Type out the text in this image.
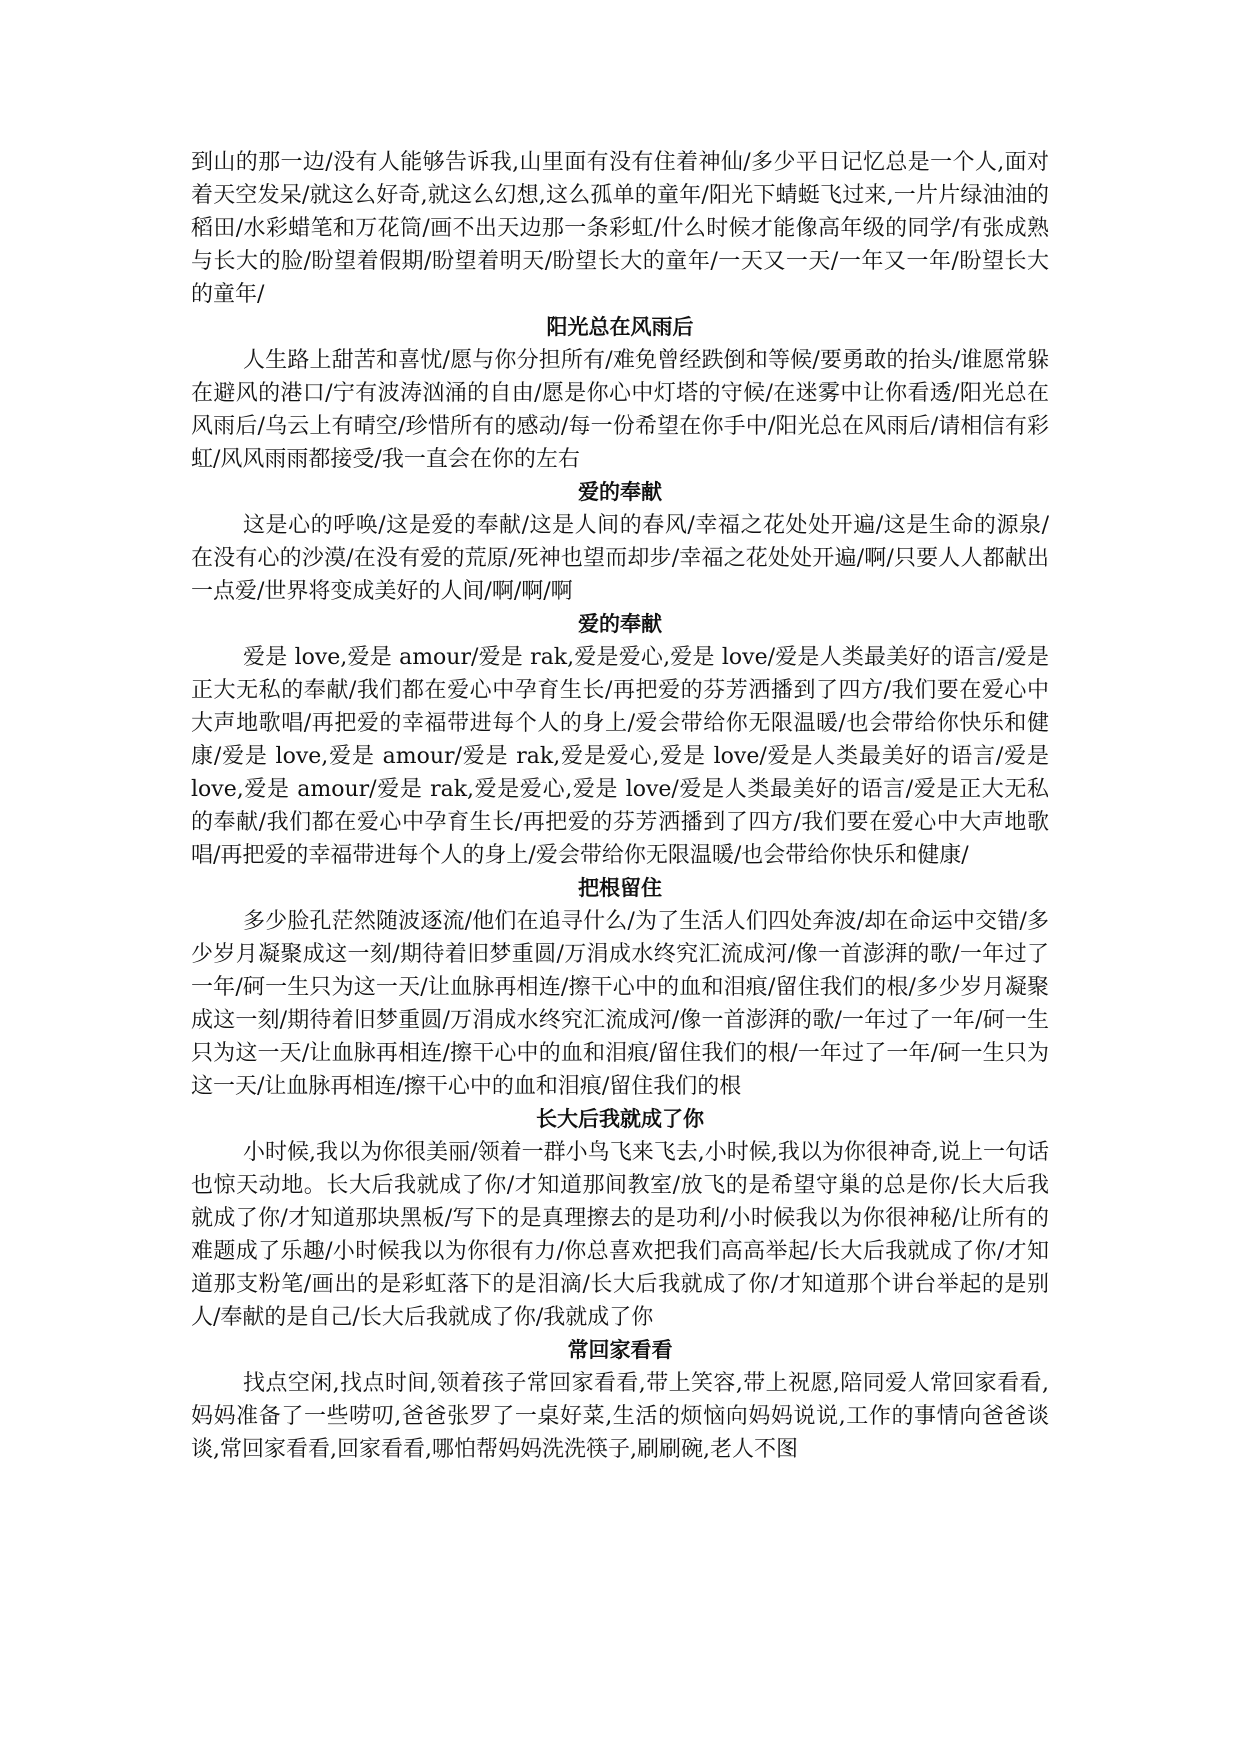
到山的那一边/没有人能够告诉我,山里面有没有住着神仙/多少平日记忆总是一个人,面对着天空发呆/就这么好奇,就这么幻想,这么孤单的童年/阳光下蜻蜓飞过来,一片片绿油油的稻田/水彩蜡笔和万花筒/画不出天边那一条彩虹/什么时候才能像高年级的同学/有张成熟与长大的脸/盼望着假期/盼望着明天/盼望长大的童年/一天又一天/一年又一年/盼望长大的童年/

阳光总在风雨后

人生路上甜苦和喜忧/愿与你分担所有/难免曾经跌倒和等候/要勇敢的抬头/谁愿常躲在避风的港口/宁有波涛汹涌的自由/愿是你心中灯塔的守候/在迷雾中让你看透/阳光总在风雨后/乌云上有晴空/珍惜所有的感动/每一份希望在你手中/阳光总在风雨后/请相信有彩虹/风风雨雨都接受/我一直会在你的左右

爱的奉献

这是心的呼唤/这是爱的奉献/这是人间的春风/幸福之花处处开遍/这是生命的源泉/在没有心的沙漠/在没有爱的荒原/死神也望而却步/幸福之花处处开遍/啊/只要人人都献出一点爱/世界将变成美好的人间/啊/啊/啊

爱的奉献

爱是 love,爱是 amour/爱是 rak,爱是爱心,爱是 love/爱是人类最美好的语言/爱是正大无私的奉献/我们都在爱心中孕育生长/再把爱的芬芳洒播到了四方/我们要在爱心中大声地歌唱/再把爱的幸福带进每个人的身上/爱会带给你无限温暖/也会带给你快乐和健康/爱是 love,爱是 amour/爱是 rak,爱是爱心,爱是 love/爱是人类最美好的语言/爱是 love,爱是 amour/爱是 rak,爱是爱心,爱是 love/爱是人类最美好的语言/爱是正大无私的奉献/我们都在爱心中孕育生长/再把爱的芬芳洒播到了四方/我们要在爱心中大声地歌唱/再把爱的幸福带进每个人的身上/爱会带给你无限温暖/也会带给你快乐和健康/

把根留住

多少脸孔茫然随波逐流/他们在追寻什么/为了生活人们四处奔波/却在命运中交错/多少岁月凝聚成这一刻/期待着旧梦重圆/万涓成水终究汇流成河/像一首澎湃的歌/一年过了一年/砢一生只为这一天/让血脉再相连/擦干心中的血和泪痕/留住我们的根/多少岁月凝聚成这一刻/期待着旧梦重圆/万涓成水终究汇流成河/像一首澎湃的歌/一年过了一年/砢一生只为这一天/让血脉再相连/擦干心中的血和泪痕/留住我们的根/一年过了一年/砢一生只为这一天/让血脉再相连/擦干心中的血和泪痕/留住我们的根

长大后我就成了你

小时候,我以为你很美丽/领着一群小鸟飞来飞去,小时候,我以为你很神奇,说上一句话也惊天动地。长大后我就成了你/才知道那间教室/放飞的是希望守巢的总是你/长大后我就成了你/才知道那块黑板/写下的是真理擦去的是功利/小时候我以为你很神秘/让所有的难题成了乐趣/小时候我以为你很有力/你总喜欢把我们高高举起/长大后我就成了你/才知道那支粉笔/画出的是彩虹落下的是泪滴/长大后我就成了你/才知道那个讲台举起的是别人/奉献的是自己/长大后我就成了你/我就成了你

常回家看看

找点空闲,找点时间,领着孩子常回家看看,带上笑容,带上祝愿,陪同爱人常回家看看,妈妈准备了一些唠叨,爸爸张罗了一桌好菜,生活的烦恼向妈妈说说,工作的事情向爸爸谈谈,常回家看看,回家看看,哪怕帮妈妈洗洗筷子,刷刷碗,老人不图
